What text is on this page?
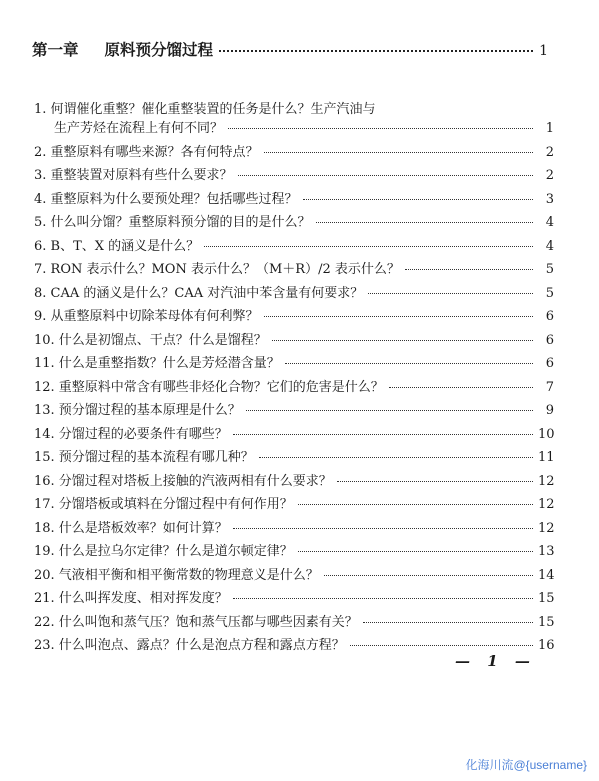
第一章 原料预分馏过程	1
1. 何谓催化重整？催化重整装置的任务是什么？生产汽油与
生产芳烃在流程上有何不同？	1
2. 重整原料有哪些来源？各有何特点？	2
3. 重整装置对原料有些什么要求？	2
4. 重整原料为什么要预处理？包括哪些过程？	3
5. 什么叫分馏？重整原料预分馏的目的是什么？	4
6. B、T、X 的涵义是什么？	4
7. RON 表示什么？MON 表示什么？（M＋R）/2 表示什么？	5
8. CAA 的涵义是什么？CAA 对汽油中苯含量有何要求？	5
9. 从重整原料中切除苯母体有何利弊？	6
10. 什么是初馏点、干点？什么是馏程？	6
11. 什么是重整指数？什么是芳烃潜含量？	6
12. 重整原料中常含有哪些非烃化合物？它们的危害是什么？	7
13. 预分馏过程的基本原理是什么？	9
14. 分馏过程的必要条件有哪些？	10
15. 预分馏过程的基本流程有哪几种？	11
16. 分馏过程对塔板上接触的汽液两相有什么要求？	12
17. 分馏塔板或填料在分馏过程中有何作用？	12
18. 什么是塔板效率？如何计算？	12
19. 什么是拉乌尔定律？什么是道尔顿定律？	13
20. 气液相平衡和相平衡常数的物理意义是什么？	14
21. 什么叫挥发度、相对挥发度？	15
22. 什么叫饱和蒸气压？饱和蒸气压都与哪些因素有关？	15
23. 什么叫泡点、露点？什么是泡点方程和露点方程？	16
— 1 —
化海川流@{username}
